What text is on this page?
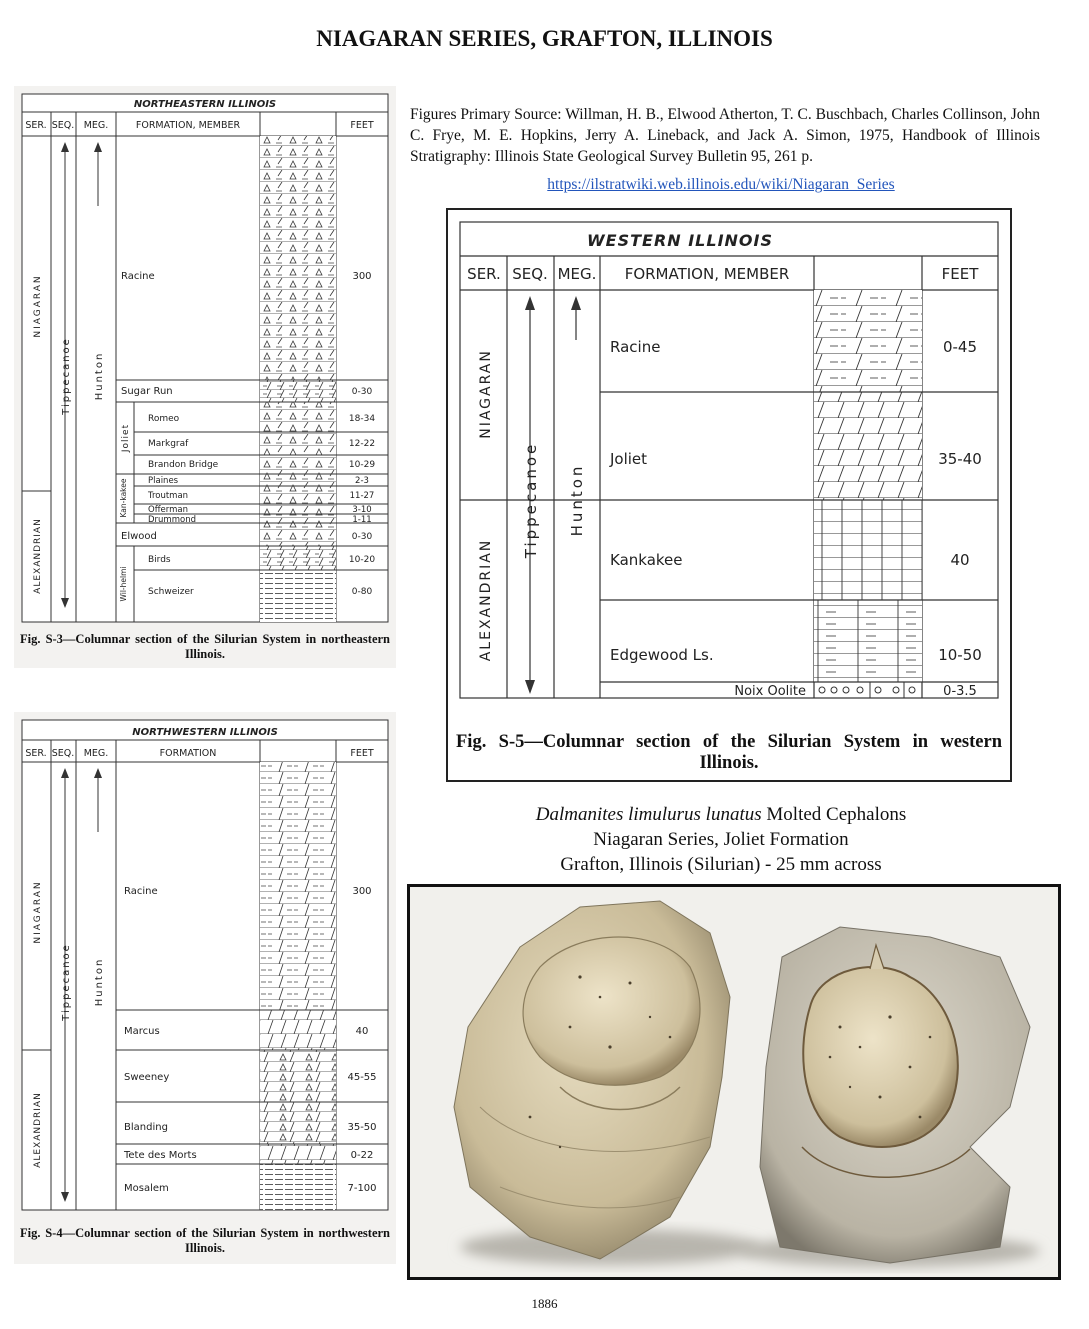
NIAGARAN SERIES, GRAFTON, ILLINOIS
Figures Primary Source: Willman, H. B., Elwood Atherton, T. C. Buschbach, Charles Collinson, John C. Frye, M. E. Hopkins, Jerry A. Lineback, and Jack A. Simon, 1975, Handbook of Illinois Stratigraphy: Illinois State Geological Survey Bulletin 95, 261 p.
https://ilstratwiki.web.illinois.edu/wiki/Niagaran_Series
NORTHEASTERN ILLINOIS
SER. SEQ. MEG.	FORMATION, MEMBER	FEET
NIAGARAN
ALEXANDRIAN
Tippecanoe Hunton
Joliet
Kan-kakee
Wil-helmi
Racine	300
Sugar Run	0-30
Romeo	18-34
Markgraf	12-22
Brandon Bridge	10-29
Plaines	2-3
Troutman	11-27
Offerman	3-10
Drummond	1-11
Elwood	0-30
Birds	10-20
Schweizer	0-80
Fig. S-3—Columnar section of the Silurian System in northeastern Illinois.
NORTHWESTERN ILLINOIS
SER. SEQ. MEG.	FORMATION	FEET
NIAGARAN
ALEXANDRIAN
Tippecanoe Hunton
Racine	300
Marcus	40
Sweeney	45-55
Blanding	35-50
Tete des Morts	0-22
Mosalem	7-100
Fig. S-4—Columnar section of the Silurian System in northwestern Illinois.
WESTERN ILLINOIS
SER. SEQ. MEG. FORMATION, MEMBER	FEET
NIAGARAN
ALEXANDRIAN
Tippecanoe Hunton
Racine	0-45
Joliet	35-40
Kankakee	40
Edgewood Ls.	10-50
Noix Oolite	0-3.5
Fig. S-5—Columnar section of the Silurian System in western Illinois.
Dalmanites limulurus lunatus Molted Cephalons
Niagaran Series, Joliet Formation
Grafton, Illinois (Silurian) - 25 mm across
1886
